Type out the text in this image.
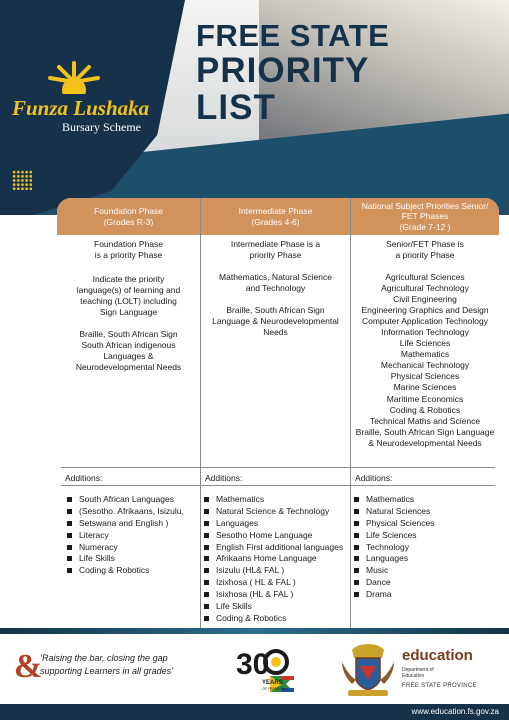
Funza Lushaka
Bursary Scheme
FREE STATE
PRIORITY
LIST
Foundation Phase
(Grades R-3)
Intermediate Phase
(Grades 4-6)
National Subject Priorities Senior/
FET Phases
(Grade 7-12 )

Foundation Phase

is a priority Phase

Indicate the priority

language(s) of learning and

teaching (LOLT) including

Sign Language

Braille, South African Sign

South African indigenous

Languages &

Neurodevelopmental Needs

Additions:
South African Languages
(Sesotho. Afrikaans, Isizulu,
Setswana and English )
Literacy
Numeracy
Life Skills
Coding & Robotics

Intermediate Phase is a

priority Phase

Mathematics, Natural Science

and Technology

Braille, South African Sign

Language & Neurodevelopmental

Needs

Additions:
Mathematics
Natural Science & Technology
Languages
Sesotho Home Language
English First additional languages
Afrikaans Home Language
Isizulu (HL& FAL )
Izixhosa ( HL & FAL )
Isixhosa (HL & FAL )
Life Skills
Coding & Robotics

Senior/FET Phase is

a priority Phase

Agricultural Sciences

Agricultural Technology

Civil Engineering

Engineering Graphics and Design

Computer Application Technology

Information Technology

Life Sciences

Mathematics

Mechanical Technology

Physical Sciences

Marine Sciences

Maritime Economics

Coding & Robotics

Technical Maths and Science

Braille, South African Sign Language

& Neurodevelopmental Needs

Additions:
Mathematics
Natural Sciences
Physical Sciences
Life Sciences
Technology
Languages
Music
Dance
Drama
&
‘Raising the bar, closing the gap
supporting Learners in all grades’ 30
YEARS
OF FREEDOM
education
Department of
Education
FREE STATE PROVINCE
www.education.fs.gov.za
